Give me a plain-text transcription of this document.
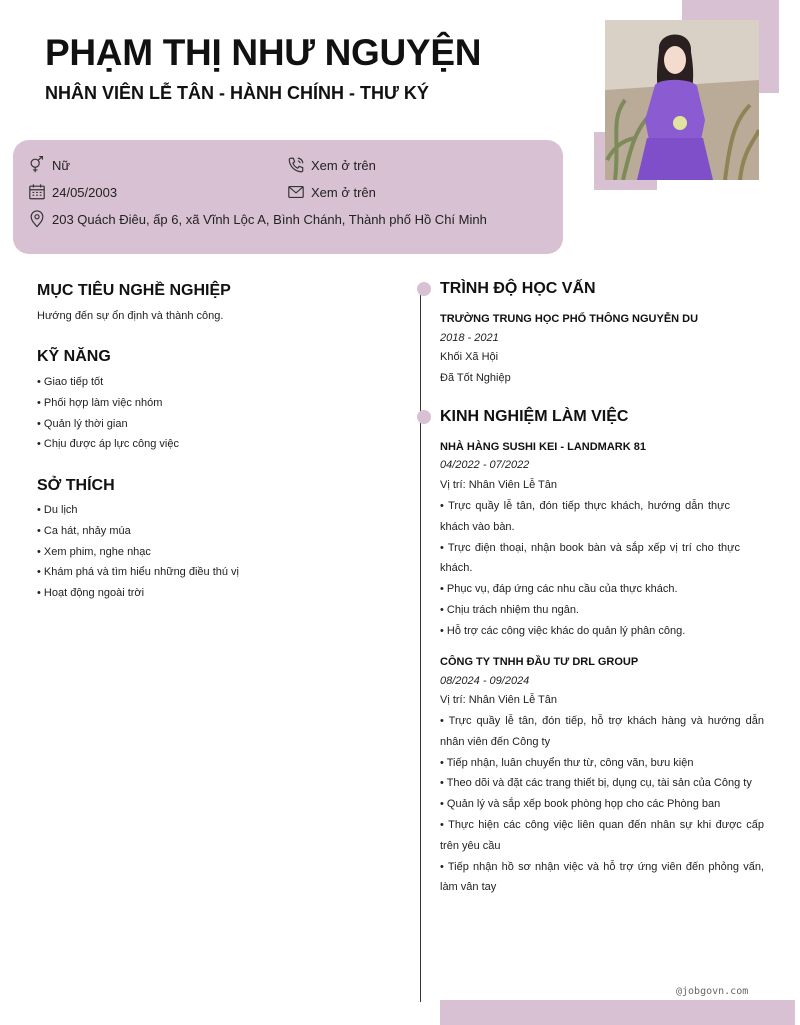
PHẠM THỊ NHƯ NGUYỆN
NHÂN VIÊN LỄ TÂN - HÀNH CHÍNH - THƯ KÝ
Nữ
24/05/2003
203 Quách Điêu, ấp 6, xã Vĩnh Lộc A, Bình Chánh, Thành phố Hồ Chí Minh
Xem ở trên
Xem ở trên
MỤC TIÊU NGHỀ NGHIỆP
Hướng đến sự ổn định và thành công.
KỸ NĂNG
• Giao tiếp tốt
• Phối hợp làm việc nhóm
• Quản lý thời gian
• Chịu được áp lực công việc
SỞ THÍCH
• Du lịch
• Ca hát, nhảy múa
• Xem phim, nghe nhạc
• Khám phá và tìm hiểu những điều thú vị
• Hoạt động ngoài trời
TRÌNH ĐỘ HỌC VẤN
TRƯỜNG TRUNG HỌC PHỔ THÔNG NGUYỄN DU
2018 - 2021
Khối Xã Hội
Đã Tốt Nghiệp
KINH NGHIỆM LÀM VIỆC
NHÀ HÀNG SUSHI KEI - LANDMARK 81
04/2022 - 07/2022
Vị trí: Nhân Viên Lễ Tân
• Trực quầy lễ tân, đón tiếp thực khách, hướng dẫn thực khách vào bàn.
• Trực điện thoại, nhận book bàn và sắp xếp vị trí cho thực khách.
• Phục vụ, đáp ứng các nhu cầu của thực khách.
• Chịu trách nhiệm thu ngân.
• Hỗ trợ các công việc khác do quản lý phân công.
CÔNG TY TNHH ĐẦU TƯ DRL GROUP
08/2024 - 09/2024
Vị trí: Nhân Viên Lễ Tân
• Trực quầy lễ tân, đón tiếp, hỗ trợ khách hàng và hướng dẫn nhân viên đến Công ty
• Tiếp nhận, luân chuyển thư từ, công văn, bưu kiện
• Theo dõi và đặt các trang thiết bị, dụng cụ, tài sản của Công ty
• Quản lý và sắp xếp book phòng họp cho các Phòng ban
• Thực hiện các công việc liên quan đến nhân sự khi được cấp trên yêu cầu
• Tiếp nhận hồ sơ nhận việc và hỗ trợ ứng viên đến phỏng vấn, làm vân tay
@jobgovn.com
